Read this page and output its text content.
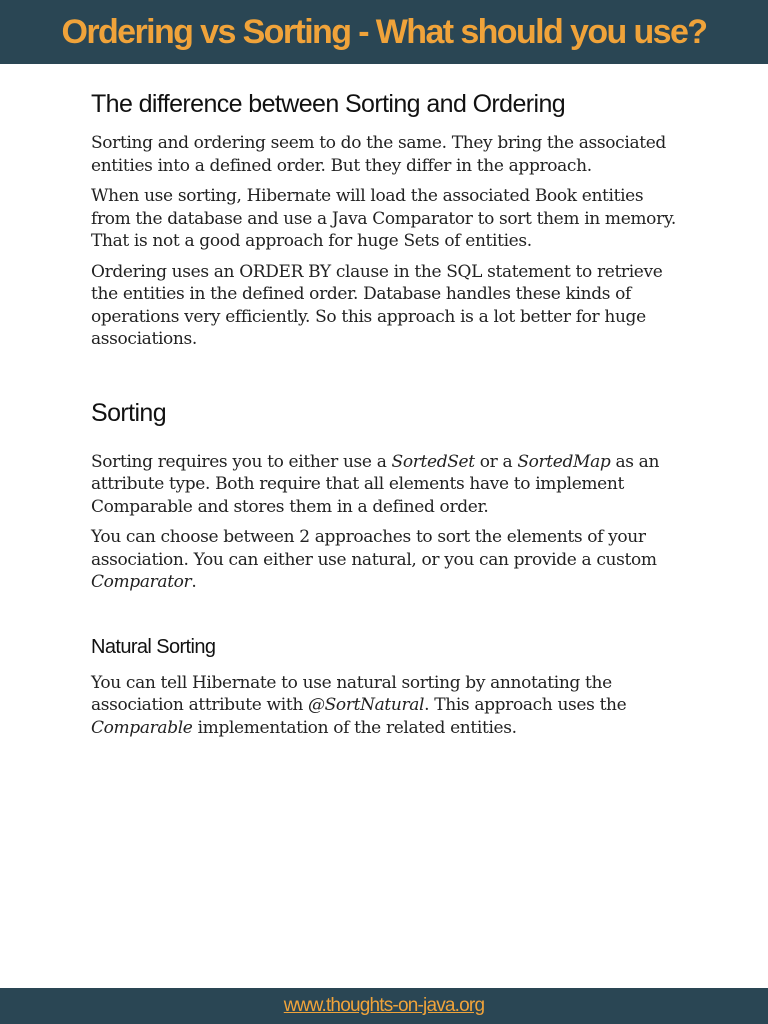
Ordering vs Sorting - What should you use?
The difference between Sorting and Ordering

Sorting and ordering seem to do the same. They bring the associated entities into a defined order. But they differ in the approach.

When use sorting, Hibernate will load the associated Book entities from the database and use a Java Comparator to sort them in memory. That is not a good approach for huge Sets of entities.

Ordering uses an ORDER BY clause in the SQL statement to retrieve the entities in the defined order. Database handles these kinds of operations very efficiently. So this approach is a lot better for huge associations.

Sorting

Sorting requires you to either use a SortedSet or a SortedMap as an attribute type. Both require that all elements have to implement Comparable and stores them in a defined order.

You can choose between 2 approaches to sort the elements of your association. You can either use natural, or you can provide a custom Comparator.

Natural Sorting

You can tell Hibernate to use natural sorting by annotating the association attribute with @SortNatural. This approach uses the Comparable implementation of the related entities.

www.thoughts-on-java.org
